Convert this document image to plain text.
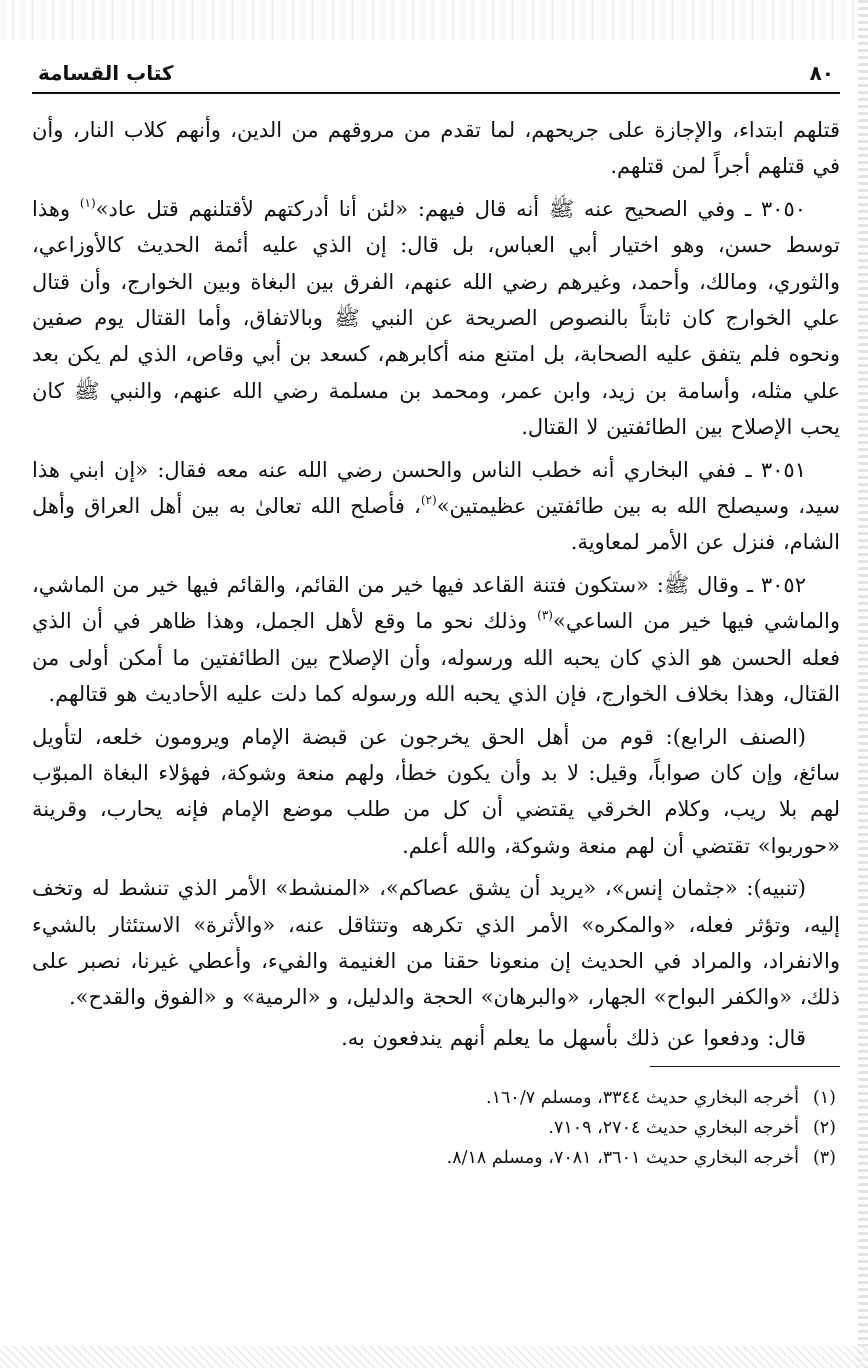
٨٠
كتاب القسامة

قتلهم ابتداء، والإجازة على جريحهم، لما تقدم من مروقهم من الدين، وأنهم كلاب النار، وأن في قتلهم أجراً لمن قتلهم.

٣٠٥٠ ـ وفي الصحيح عنه ﷺ أنه قال فيهم: «لئن أنا أدركتهم لأقتلنهم قتل عاد»$^{(١)}$ وهذا توسط حسن، وهو اختيار أبي العباس، بل قال: إن الذي عليه أئمة الحديث كالأوزاعي، والثوري، ومالك، وأحمد، وغيرهم رضي الله عنهم، الفرق بين البغاة وبين الخوارج، وأن قتال علي الخوارج كان ثابتاً بالنصوص الصريحة عن النبي ﷺ وبالاتفاق، وأما القتال يوم صفين ونحوه فلم يتفق عليه الصحابة، بل امتنع منه أكابرهم، كسعد بن أبي وقاص، الذي لم يكن بعد علي مثله، وأسامة بن زيد، وابن عمر، ومحمد بن مسلمة رضي الله عنهم، والنبي ﷺ كان يحب الإصلاح بين الطائفتين لا القتال.

٣٠٥١ ـ ففي البخاري أنه خطب الناس والحسن رضي الله عنه معه فقال: «إن ابني هذا سيد، وسيصلح الله به بين طائفتين عظيمتين»$^{(٢)}$، فأصلح الله تعالىٰ به بين أهل العراق وأهل الشام، فنزل عن الأمر لمعاوية.

٣٠٥٢ ـ وقال ﷺ: «ستكون فتنة القاعد فيها خير من القائم، والقائم فيها خير من الماشي، والماشي فيها خير من الساعي»$^{(٣)}$ وذلك نحو ما وقع لأهل الجمل، وهذا ظاهر في أن الذي فعله الحسن هو الذي كان يحبه الله ورسوله، وأن الإصلاح بين الطائفتين ما أمكن أولى من القتال، وهذا بخلاف الخوارج، فإن الذي يحبه الله ورسوله كما دلت عليه الأحاديث هو قتالهم.

(الصنف الرابع): قوم من أهل الحق يخرجون عن قبضة الإمام ويرومون خلعه، لتأويل سائغ، وإن كان صواباً، وقيل: لا بد وأن يكون خطأ، ولهم منعة وشوكة، فهؤلاء البغاة المبوّب لهم بلا ريب، وكلام الخرقي يقتضي أن كل من طلب موضع الإمام فإنه يحارب، وقرينة «حوربوا» تقتضي أن لهم منعة وشوكة، والله أعلم.

(تنبيه): «جثمان إنس»، «يريد أن يشق عصاكم»، «المنشط» الأمر الذي تنشط له وتخف إليه، وتؤثر فعله، «والمكره» الأمر الذي تكرهه وتتثاقل عنه، «والأثرة» الاستئثار بالشيء والانفراد، والمراد في الحديث إن منعونا حقنا من الغنيمة والفيء، وأعطي غيرنا، نصبر على ذلك، «والكفر البواح» الجهار، «والبرهان» الحجة والدليل، و «الرمية» و «الفوق والقدح».

قال: ودفعوا عن ذلك بأسهل ما يعلم أنهم يندفعون به.

(١)
أخرجه البخاري حديث ٣٣٤٤، ومسلم ١٦٠/٧.
(٢)
أخرجه البخاري حديث ٢٧٠٤، ٧١٠٩.
(٣)
أخرجه البخاري حديث ٣٦٠١، ٧٠٨١، ومسلم ٨/١٨.
